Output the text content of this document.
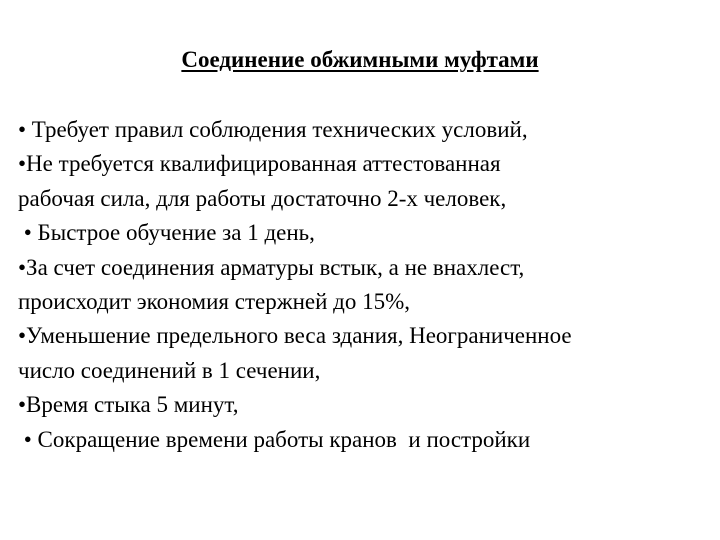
Соединение обжимными муфтами
• Требует правил соблюдения технических условий,
•Не требуется квалифицированная аттестованная
рабочая сила, для работы достаточно 2-х человек,
• Быстрое обучение за 1 день,
•За счет соединения арматуры встык, а не внахлест,
происходит экономия стержней до 15%,
•Уменьшение предельного веса здания, Неограниченное
число соединений в 1 сечении,
•Время стыка 5 минут,
• Сокращение времени работы кранов  и постройки
